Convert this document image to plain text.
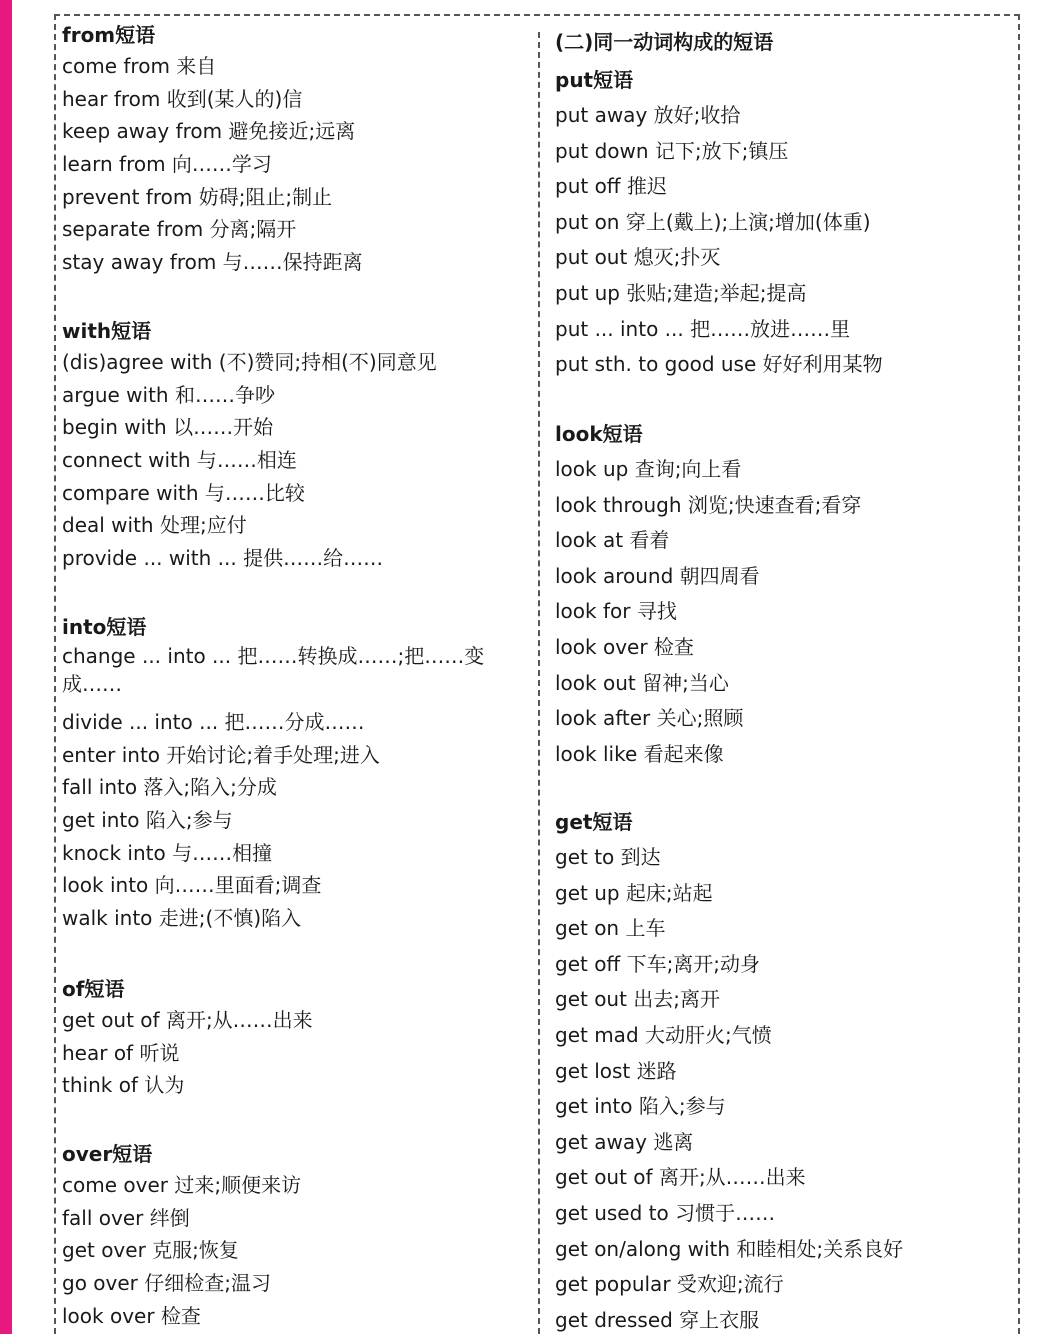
from短语
come from 来自
hear from 收到(某人的)信
keep away from 避免接近;远离
learn from 向……学习
prevent from 妨碍;阻止;制止
separate from 分离;隔开
stay away from 与……保持距离
with短语
(dis)agree with (不)赞同;持相(不)同意见
argue with 和……争吵
begin with 以……开始
connect with 与……相连
compare with 与……比较
deal with 处理;应付
provide ... with ... 提供……给……
into短语
change ... into ... 把……转换成……;把……变成……
divide ... into ... 把……分成……
enter into 开始讨论;着手处理;进入
fall into 落入;陷入;分成
get into 陷入;参与
knock into 与……相撞
look into 向……里面看;调查
walk into 走进;(不慎)陷入
of短语
get out of 离开;从……出来
hear of 听说
think of 认为
over短语
come over 过来;顺便来访
fall over 绊倒
get over 克服;恢复
go over 仔细检查;温习
look over 检查
(二)同一动词构成的短语
put短语
put away 放好;收拾
put down 记下;放下;镇压
put off 推迟
put on 穿上(戴上);上演;增加(体重)
put out 熄灭;扑灭
put up 张贴;建造;举起;提高
put ... into ... 把……放进……里
put sth. to good use 好好利用某物
look短语
look up 查询;向上看
look through 浏览;快速查看;看穿
look at 看着
look around 朝四周看
look for 寻找
look over 检查
look out 留神;当心
look after 关心;照顾
look like 看起来像
get短语
get to 到达
get up 起床;站起
get on 上车
get off 下车;离开;动身
get out 出去;离开
get mad 大动肝火;气愤
get lost 迷路
get into 陷入;参与
get away 逃离
get out of 离开;从……出来
get used to 习惯于……
get on/along with 和睦相处;关系良好
get popular 受欢迎;流行
get dressed 穿上衣服
